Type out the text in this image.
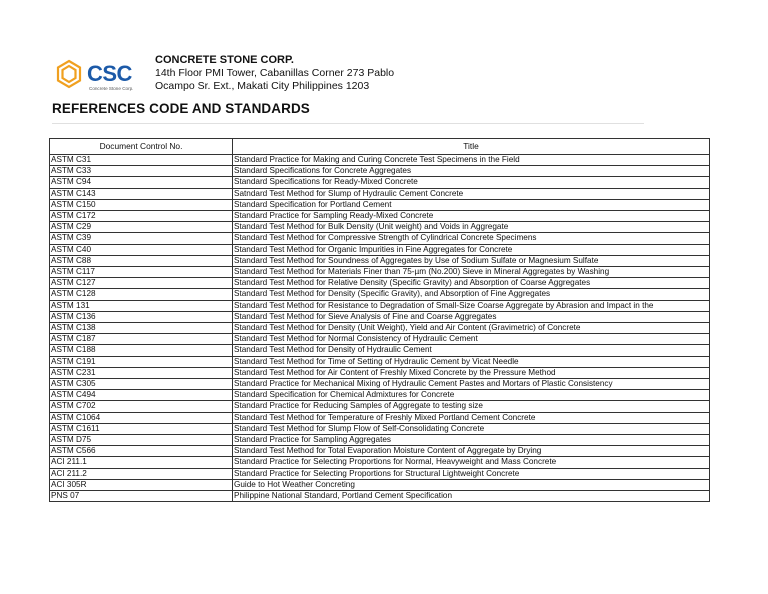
CSC
Concrete Stone Corp.
CONCRETE STONE CORP.
14th Floor PMI Tower, Cabanillas Corner 273 Pablo
Ocampo Sr. Ext., Makati City Philippines 1203
REFERENCES CODE AND STANDARDS
Document Control No.	Title
ASTM C31	Standard Practice for Making and Curing Concrete Test Specimens in the Field
ASTM C33	Standard Specifications for Concrete Aggregates
ASTM C94	Standard Specifications for Ready-Mixed Concrete
ASTM C143	Satndard Test Method for Slump of Hydraulic Cement Concrete
ASTM C150	Standard Specification for Portland Cement
ASTM C172	Standard Practice for Sampling Ready-Mixed Concrete
ASTM C29	Standard Test Method for Bulk Density (Unit weight) and Voids in Aggregate
ASTM C39	Standard Test Method for Compressive Strength of Cylindrical Concrete Specimens
ASTM C40	Standard Test Method for Organic Impurities in Fine Aggregates for Concrete
ASTM C88	Standard Test Method for Soundness of Aggregates by Use of Sodium Sulfate or Magnesium Sulfate
ASTM C117	Standard Test Method for Materials Finer than 75-µm (No.200) Sieve in Mineral Aggregates by Washing
ASTM C127	Standard Test Method for Relative Density (Specific Gravity) and Absorption of Coarse Aggregates
ASTM C128	Standard Test Method for Density (Specific Gravity), and Absorption of Fine Aggregates
ASTM 131	Standard Test Method for Resistance to Degradation of Small-Size Coarse Aggregate by Abrasion and Impact in the
ASTM C136	Standard Test Method for Sieve Analysis of Fine and Coarse Aggregates
ASTM C138	Standard Test Method for Density (Unit Weight), Yield and Air Content (Gravimetric) of Concrete
ASTM C187	Standard Test Method for Normal Consistency of Hydraulic Cement
ASTM C188	Standard Test Method for Density of Hydraulic Cement
ASTM C191	Standard Test Method for Time of Setting of Hydraulic Cement by Vicat Needle
ASTM C231	Standard Test Method for Air Content of Freshly Mixed Concrete by the Pressure Method
ASTM C305	Standard Practice for Mechanical Mixing of Hydraulic Cement Pastes and Mortars of Plastic Consistency
ASTM C494	Standard Specification for Chemical Admixtures for Concrete
ASTM C702	Standard Practice for Reducing Samples of Aggregate to testing size
ASTM C1064	Standard Test Method for Temperature of Freshly Mixed Portland Cement Concrete
ASTM C1611	Standard Test Method for Slump Flow of Self-Consolidating Concrete
ASTM D75	Standard Practice for Sampling Aggregates
ASTM C566	Standard Test Method for Total Evaporation Moisture Content of Aggregate by Drying
ACI 211.1	Standard Practice for Selecting Proportions for Normal, Heavyweight and Mass Concrete
ACI 211.2	Standard Practice for Selecting Proportions for Structural Lightweight Concrete
ACI 305R	Guide to Hot Weather Concreting
PNS 07	Philippine National Standard, Portland Cement Specification
